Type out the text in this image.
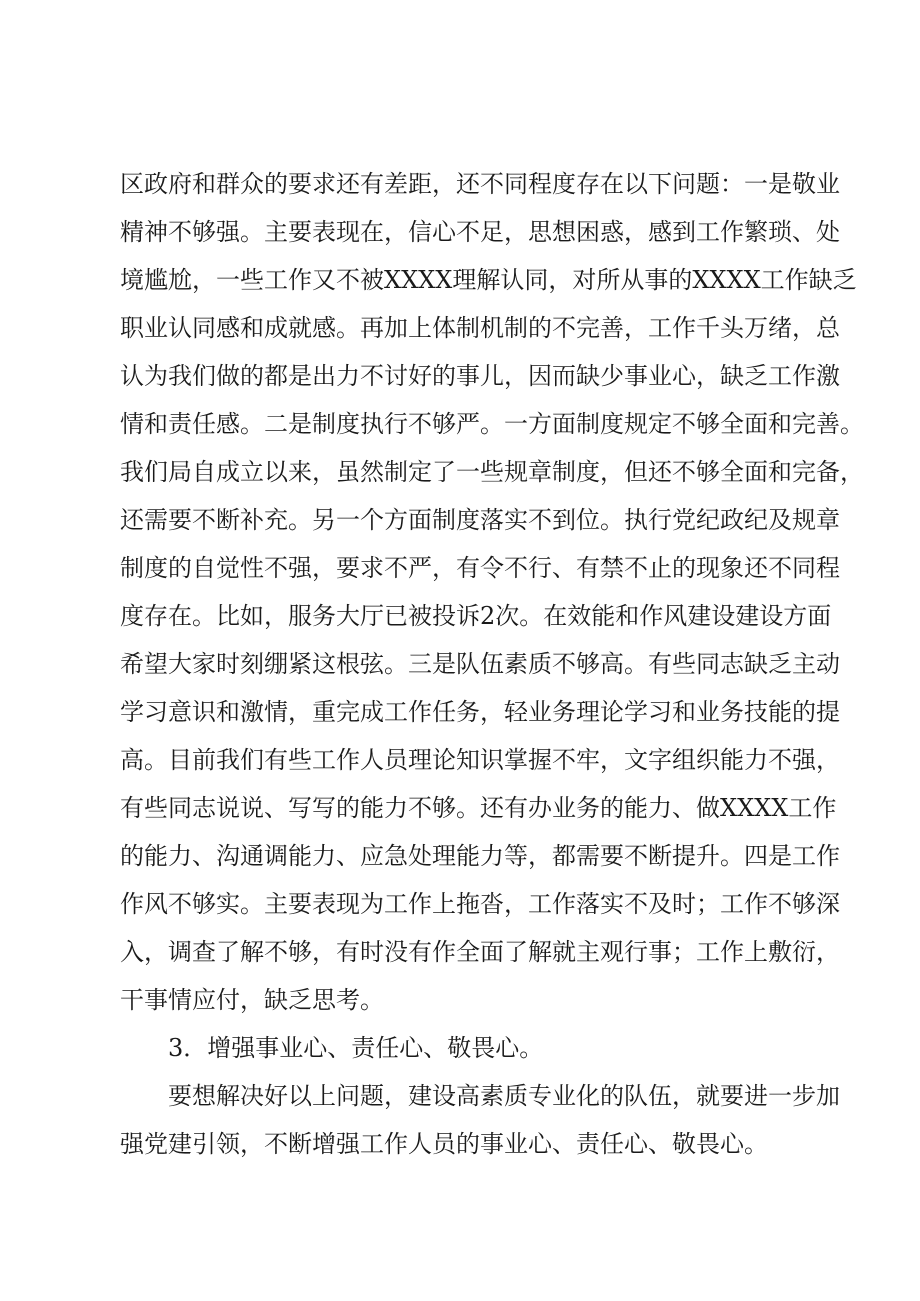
区政府和群众的要求还有差距，还不同程度存在以下问题：一是敬业
精神不够强。主要表现在，信心不足，思想困惑，感到工作繁琐、处
境尴尬，一些工作又不被XXXX理解认同，对所从事的XXXX工作缺乏
职业认同感和成就感。再加上体制机制的不完善，工作千头万绪，总
认为我们做的都是出力不讨好的事儿，因而缺少事业心，缺乏工作激
情和责任感。二是制度执行不够严。一方面制度规定不够全面和完善。
我们局自成立以来，虽然制定了一些规章制度，但还不够全面和完备，
还需要不断补充。另一个方面制度落实不到位。执行党纪政纪及规章
制度的自觉性不强，要求不严，有令不行、有禁不止的现象还不同程
度存在。比如，服务大厅已被投诉2次。在效能和作风建设建设方面
希望大家时刻绷紧这根弦。三是队伍素质不够高。有些同志缺乏主动
学习意识和激情，重完成工作任务，轻业务理论学习和业务技能的提
高。目前我们有些工作人员理论知识掌握不牢，文字组织能力不强，
有些同志说说、写写的能力不够。还有办业务的能力、做XXXX工作
的能力、沟通调能力、应急处理能力等，都需要不断提升。四是工作
作风不够实。主要表现为工作上拖沓，工作落实不及时；工作不够深
入，调查了解不够，有时没有作全面了解就主观行事；工作上敷衍，
干事情应付，缺乏思考。
3．增强事业心、责任心、敬畏心。
要想解决好以上问题，建设高素质专业化的队伍，就要进一步加
强党建引领，不断增强工作人员的事业心、责任心、敬畏心。
